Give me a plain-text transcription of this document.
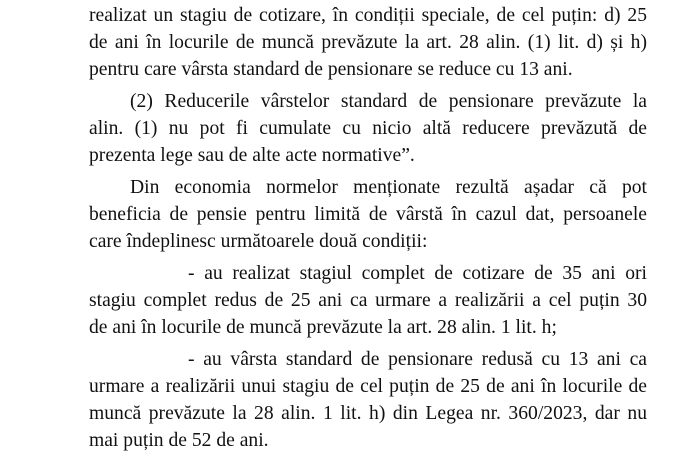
realizat un stagiu de cotizare, în condiții speciale, de cel puțin: d) 25
de ani în locurile de muncă prevăzute la art. 28 alin. (1) lit. d) și h)
pentru care vârsta standard de pensionare se reduce cu 13 ani.
(2) Reducerile vârstelor standard de pensionare prevăzute la
alin. (1) nu pot fi cumulate cu nicio altă reducere prevăzută de
prezenta lege sau de alte acte normative”.
Din economia normelor menționate rezultă așadar că pot
beneficia de pensie pentru limită de vârstă în cazul dat, persoanele
care îndeplinesc următoarele două condiții:
- au realizat stagiul complet de cotizare de 35 ani ori
stagiu complet redus de 25 ani ca urmare a realizării a cel puțin 30
de ani în locurile de muncă prevăzute la art. 28 alin. 1 lit. h;
- au vârsta standard de pensionare redusă cu 13 ani ca
urmare a realizării unui stagiu de cel puțin de 25 de ani în locurile de
muncă prevăzute la 28 alin. 1 lit. h) din Legea nr. 360/2023, dar nu
mai puțin de 52 de ani.
